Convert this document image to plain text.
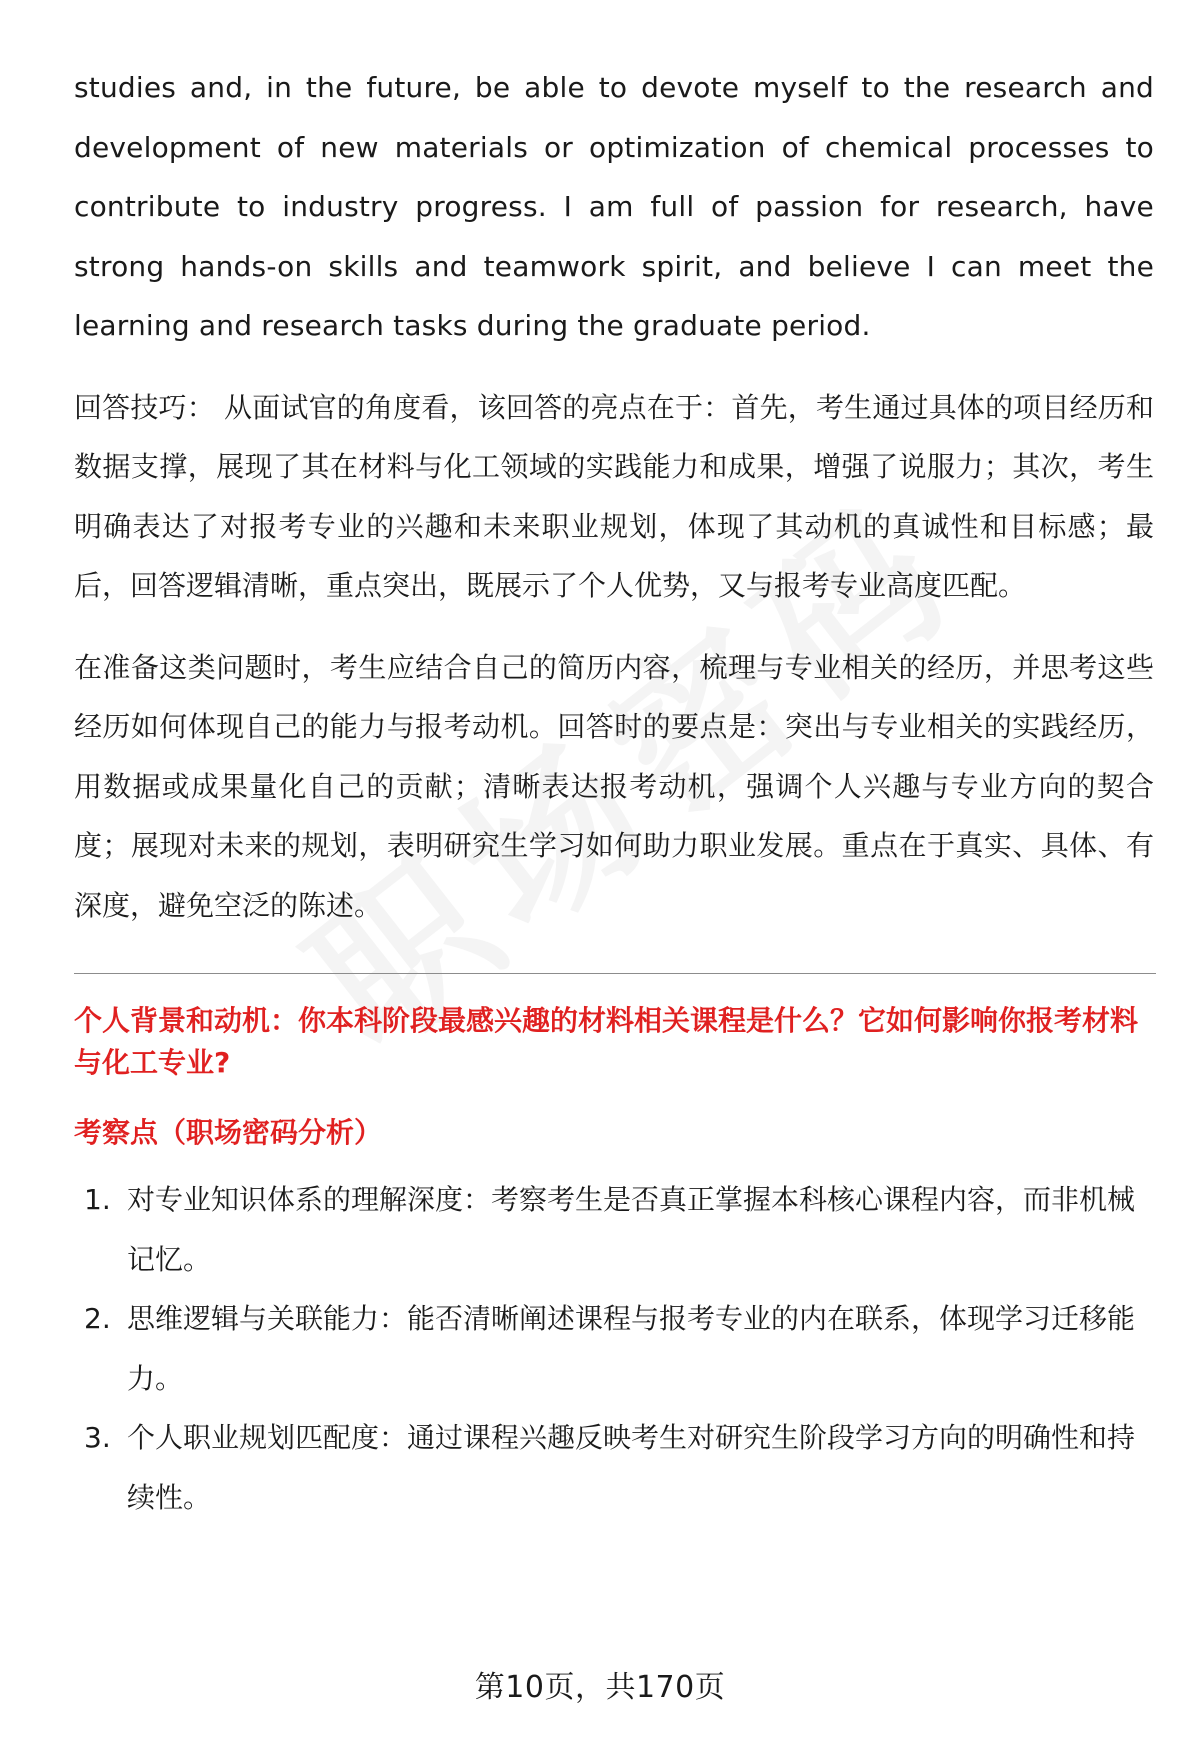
studies and, in the future, be able to devote myself to the research and development of new materials or optimization of chemical processes to contribute to industry progress. I am full of passion for research, have strong hands-on skills and teamwork spirit, and believe I can meet the learning and research tasks during the graduate period.

回答技巧： 从面试官的角度看，该回答的亮点在于：首先，考生通过具体的项目经历和数据支撑，展现了其在材料与化工领域的实践能力和成果，增强了说服力；其次，考生明确表达了对报考专业的兴趣和未来职业规划，体现了其动机的真诚性和目标感；最后，回答逻辑清晰，重点突出，既展示了个人优势，又与报考专业高度匹配。

在准备这类问题时，考生应结合自己的简历内容，梳理与专业相关的经历，并思考这些经历如何体现自己的能力与报考动机。回答时的要点是：突出与专业相关的实践经历，用数据或成果量化自己的贡献；清晰表达报考动机，强调个人兴趣与专业方向的契合度；展现对未来的规划，表明研究生学习如何助力职业发展。重点在于真实、具体、有深度，避免空泛的陈述。

个人背景和动机：你本科阶段最感兴趣的材料相关课程是什么？它如何影响你报考材料与化工专业?

考察点（职场密码分析）

1. 对专业知识体系的理解深度：考察考生是否真正掌握本科核心课程内容，而非机械记忆。
2. 思维逻辑与关联能力：能否清晰阐述课程与报考专业的内在联系，体现学习迁移能力。
3. 个人职业规划匹配度：通过课程兴趣反映考生对研究生阶段学习方向的明确性和持续性。
第10页，共170页
